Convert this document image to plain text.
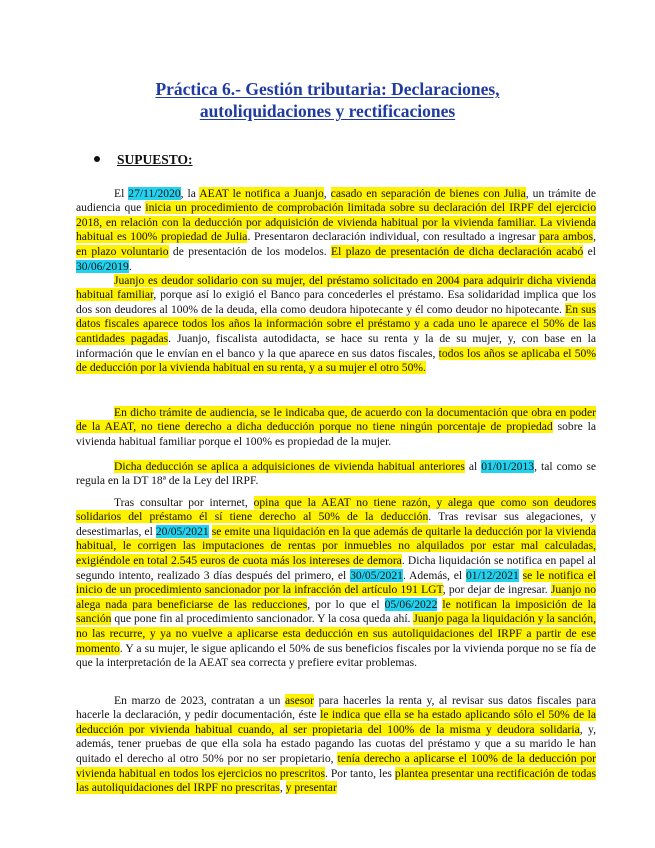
Práctica 6.- Gestión tributaria: Declaraciones,
autoliquidaciones y rectificaciones
SUPUESTO:

El 27/11/2020, la AEAT le notifica a Juanjo, casado en separación de bienes con Julia, un trámite de audiencia que inicia un procedimiento de comprobación limitada sobre su declaración del IRPF del ejercicio 2018, en relación con la deducción por adquisición de vivienda habitual por la vivienda familiar. La vivienda habitual es 100% propiedad de Julia. Presentaron declaración individual, con resultado a ingresar para ambos, en plazo voluntario de presentación de los modelos. El plazo de presentación de dicha declaración acabó el 30/06/2019.

Juanjo es deudor solidario con su mujer, del préstamo solicitado en 2004 para adquirir dicha vivienda habitual familiar, porque así lo exigió el Banco para concederles el préstamo. Esa solidaridad implica que los dos son deudores al 100% de la deuda, ella como deudora hipotecante y él como deudor no hipotecante. En sus datos fiscales aparece todos los años la información sobre el préstamo y a cada uno le aparece el 50% de las cantidades pagadas. Juanjo, fiscalista autodidacta, se hace su renta y la de su mujer, y, con base en la información que le envían en el banco y la que aparece en sus datos fiscales, todos los años se aplicaba el 50% de deducción por la vivienda habitual en su renta, y a su mujer el otro 50%.

En dicho trámite de audiencia, se le indicaba que, de acuerdo con la documentación que obra en poder de la AEAT, no tiene derecho a dicha deducción porque no tiene ningún porcentaje de propiedad sobre la vivienda habitual familiar porque el 100% es propiedad de la mujer.

Dicha deducción se aplica a adquisiciones de vivienda habitual anteriores al 01/01/2013, tal como se regula en la DT 18ª de la Ley del IRPF.

Tras consultar por internet, opina que la AEAT no tiene razón, y alega que como son deudores solidarios del préstamo él sí tiene derecho al 50% de la deducción. Tras revisar sus alegaciones, y desestimarlas, el 20/05/2021 se emite una liquidación en la que además de quitarle la deducción por la vivienda habitual, le corrigen las imputaciones de rentas por inmuebles no alquilados por estar mal calculadas, exigiéndole en total 2.545 euros de cuota más los intereses de demora. Dicha liquidación se notifica en papel al segundo intento, realizado 3 días después del primero, el 30/05/2021. Además, el 01/12/2021 se le notifica el inicio de un procedimiento sancionador por la infracción del artículo 191 LGT, por dejar de ingresar. Juanjo no alega nada para beneficiarse de las reducciones, por lo que el 05/06/2022 le notifican la imposición de la sanción que pone fin al procedimiento sancionador. Y la cosa queda ahí. Juanjo paga la liquidación y la sanción, no las recurre, y ya no vuelve a aplicarse esta deducción en sus autoliquidaciones del IRPF a partir de ese momento. Y a su mujer, le sigue aplicando el 50% de sus beneficios fiscales por la vivienda porque no se fía de que la interpretación de la AEAT sea correcta y prefiere evitar problemas.

En marzo de 2023, contratan a un asesor para hacerles la renta y, al revisar sus datos fiscales para hacerle la declaración, y pedir documentación, éste le indica que ella se ha estado aplicando sólo el 50% de la deducción por vivienda habitual cuando, al ser propietaria del 100% de la misma y deudora solidaria, y, además, tener pruebas de que ella sola ha estado pagando las cuotas del préstamo y que a su marido le han quitado el derecho al otro 50% por no ser propietario, tenía derecho a aplicarse el 100% de la deducción por vivienda habitual en todos los ejercicios no prescritos. Por tanto, les plantea presentar una rectificación de todas las autoliquidaciones del IRPF no prescritas, y presentar
